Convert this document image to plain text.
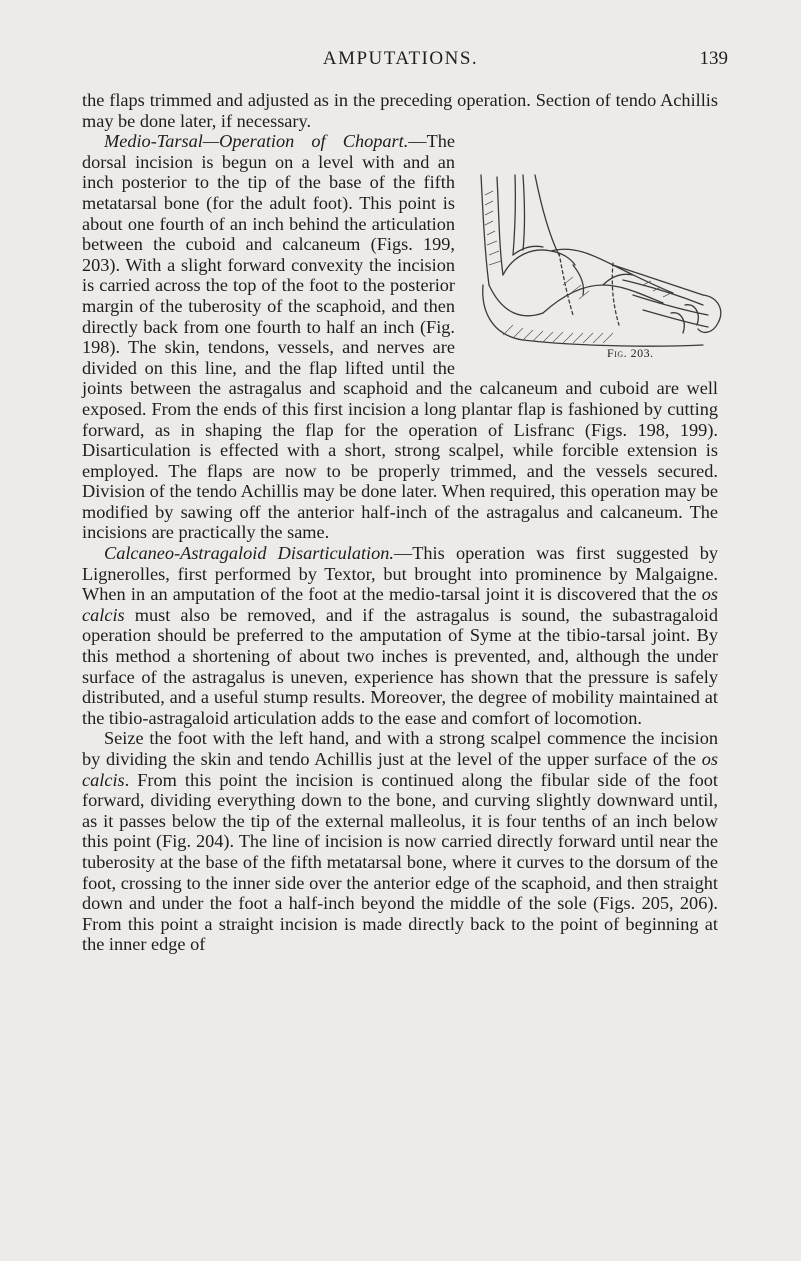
AMPUTATIONS.	139

the flaps trimmed and adjusted as in the preceding operation. Section of tendo Achillis may be done later, if necessary.

Fig. 203.
Medio-Tarsal—Operation of Chopart.—The dorsal incision is begun on a level with and an inch posterior to the tip of the base of the fifth metatarsal bone (for the adult foot). This point is about one fourth of an inch behind the articulation between the cuboid and calcaneum (Figs. 199, 203). With a slight forward convexity the incision is carried across the top of the foot to the posterior margin of the tuberosity of the scaphoid, and then directly back from one fourth to half an inch (Fig. 198). The skin, tendons, vessels, and nerves are divided on this line, and the flap lifted until the joints between the astragalus and scaphoid and the calcaneum and cuboid are well exposed. From the ends of this first incision a long plantar flap is fashioned by cutting forward, as in shaping the flap for the operation of Lisfranc (Figs. 198, 199). Disarticulation is effected with a short, strong scalpel, while forcible extension is employed. The flaps are now to be properly trimmed, and the vessels secured. Division of the tendo Achillis may be done later. When required, this operation may be modified by sawing off the anterior half-inch of the astragalus and calcaneum. The incisions are practically the same.

Calcaneo-Astragaloid Disarticulation.—This operation was first suggested by Lignerolles, first performed by Textor, but brought into prominence by Malgaigne. When in an amputation of the foot at the medio-tarsal joint it is discovered that the os calcis must also be removed, and if the astragalus is sound, the subastragaloid operation should be preferred to the amputation of Syme at the tibio-tarsal joint. By this method a shortening of about two inches is prevented, and, although the under surface of the astragalus is uneven, experience has shown that the pressure is safely distributed, and a useful stump results. Moreover, the degree of mobility maintained at the tibio-astragaloid articulation adds to the ease and comfort of locomotion.

Seize the foot with the left hand, and with a strong scalpel commence the incision by dividing the skin and tendo Achillis just at the level of the upper surface of the os calcis. From this point the incision is continued along the fibular side of the foot forward, dividing everything down to the bone, and curving slightly downward until, as it passes below the tip of the external malleolus, it is four tenths of an inch below this point (Fig. 204). The line of incision is now carried directly forward until near the tuberosity at the base of the fifth metatarsal bone, where it curves to the dorsum of the foot, crossing to the inner side over the anterior edge of the scaphoid, and then straight down and under the foot a half-inch beyond the middle of the sole (Figs. 205, 206). From this point a straight incision is made directly back to the point of beginning at the inner edge of
